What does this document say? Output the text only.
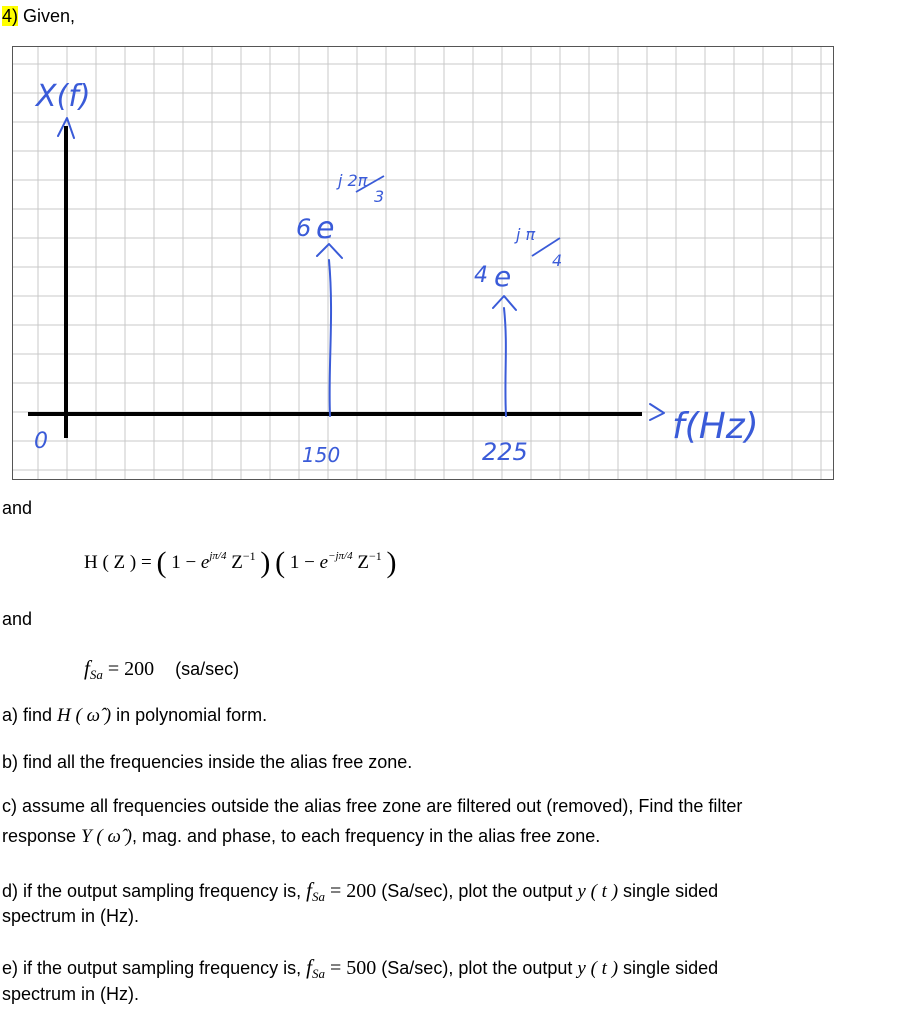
4) Given,
X(f)
f(Hz)
0
150	225
6 e
j 2π
3
4 e
j π
4
and
H ( Z ) = ( $1 - e^{j\pi/4}$ $Z^{-1}$ ) ( $1 - e^{-j\pi/4}$ $Z^{-1}$ )
and
$f_{Sa} = 200$ (sa/sec)
a) find H ( ω̂ ) in polynomial form.
b) find all the frequencies inside the alias free zone.
c) assume all frequencies outside the alias free zone are filtered out (removed), Find the filter
response Y ( ω̂ ), mag. and phase, to each frequency in the alias free zone.
d) if the output sampling frequency is, $f_{Sa} = 200$ (Sa/sec), plot the output y ( t ) single sided
spectrum in (Hz).
e) if the output sampling frequency is, $f_{Sa} = 500$ (Sa/sec), plot the output y ( t ) single sided
spectrum in (Hz).
